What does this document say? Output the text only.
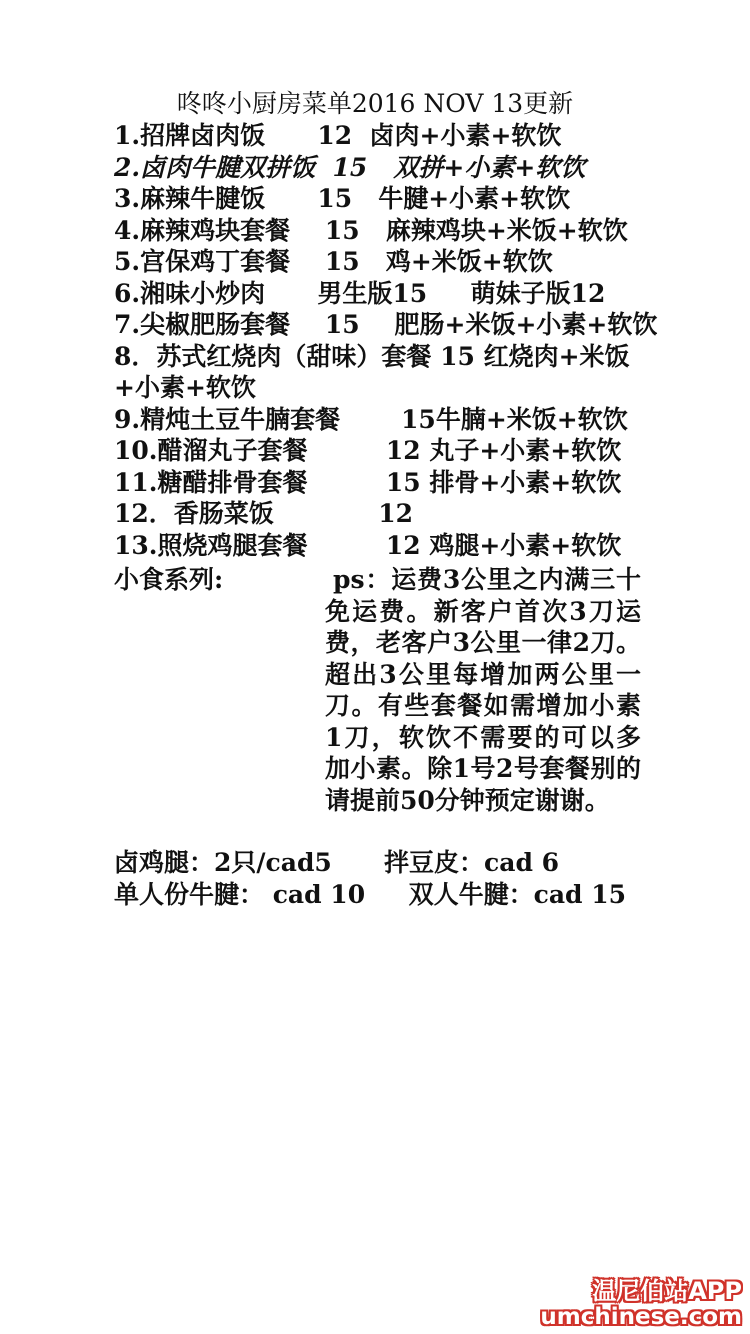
咚咚小厨房菜单2016 NOV 13更新
1.招牌卤肉饭      12  卤肉+小素+软饮
2.卤肉牛腱双拼饭  15   双拼+小素+软饮
3.麻辣牛腱饭      15   牛腱+小素+软饮
4.麻辣鸡块套餐    15   麻辣鸡块+米饭+软饮
5.宫保鸡丁套餐    15   鸡+米饭+软饮
6.湘味小炒肉      男生版15     萌妹子版12
7.尖椒肥肠套餐    15    肥肠+米饭+小素+软饮
8．苏式红烧肉（甜味）套餐 15 红烧肉+米饭+小素+软饮
9.精炖土豆牛腩套餐       15牛腩+米饭+软饮
10.醋溜丸子套餐         12 丸子+小素+软饮
11.糖醋排骨套餐         15 排骨+小素+软饮
12．香肠菜饭            12
13.照烧鸡腿套餐         12 鸡腿+小素+软饮
小食系列:	ps：运费3公里之内满三十免运费。新客户首次3刀运费，老客户3公里一律2刀。超出3公里每增加两公里一刀。有些套餐如需增加小素1刀，软饮不需要的可以多加小素。除1号2号套餐别的请提前50分钟预定谢谢。
卤鸡腿：2只/cad5      拌豆皮：cad 6
单人份牛腱： cad 10     双人牛腱：cad 15
温尼伯站APP
umchinese.com
